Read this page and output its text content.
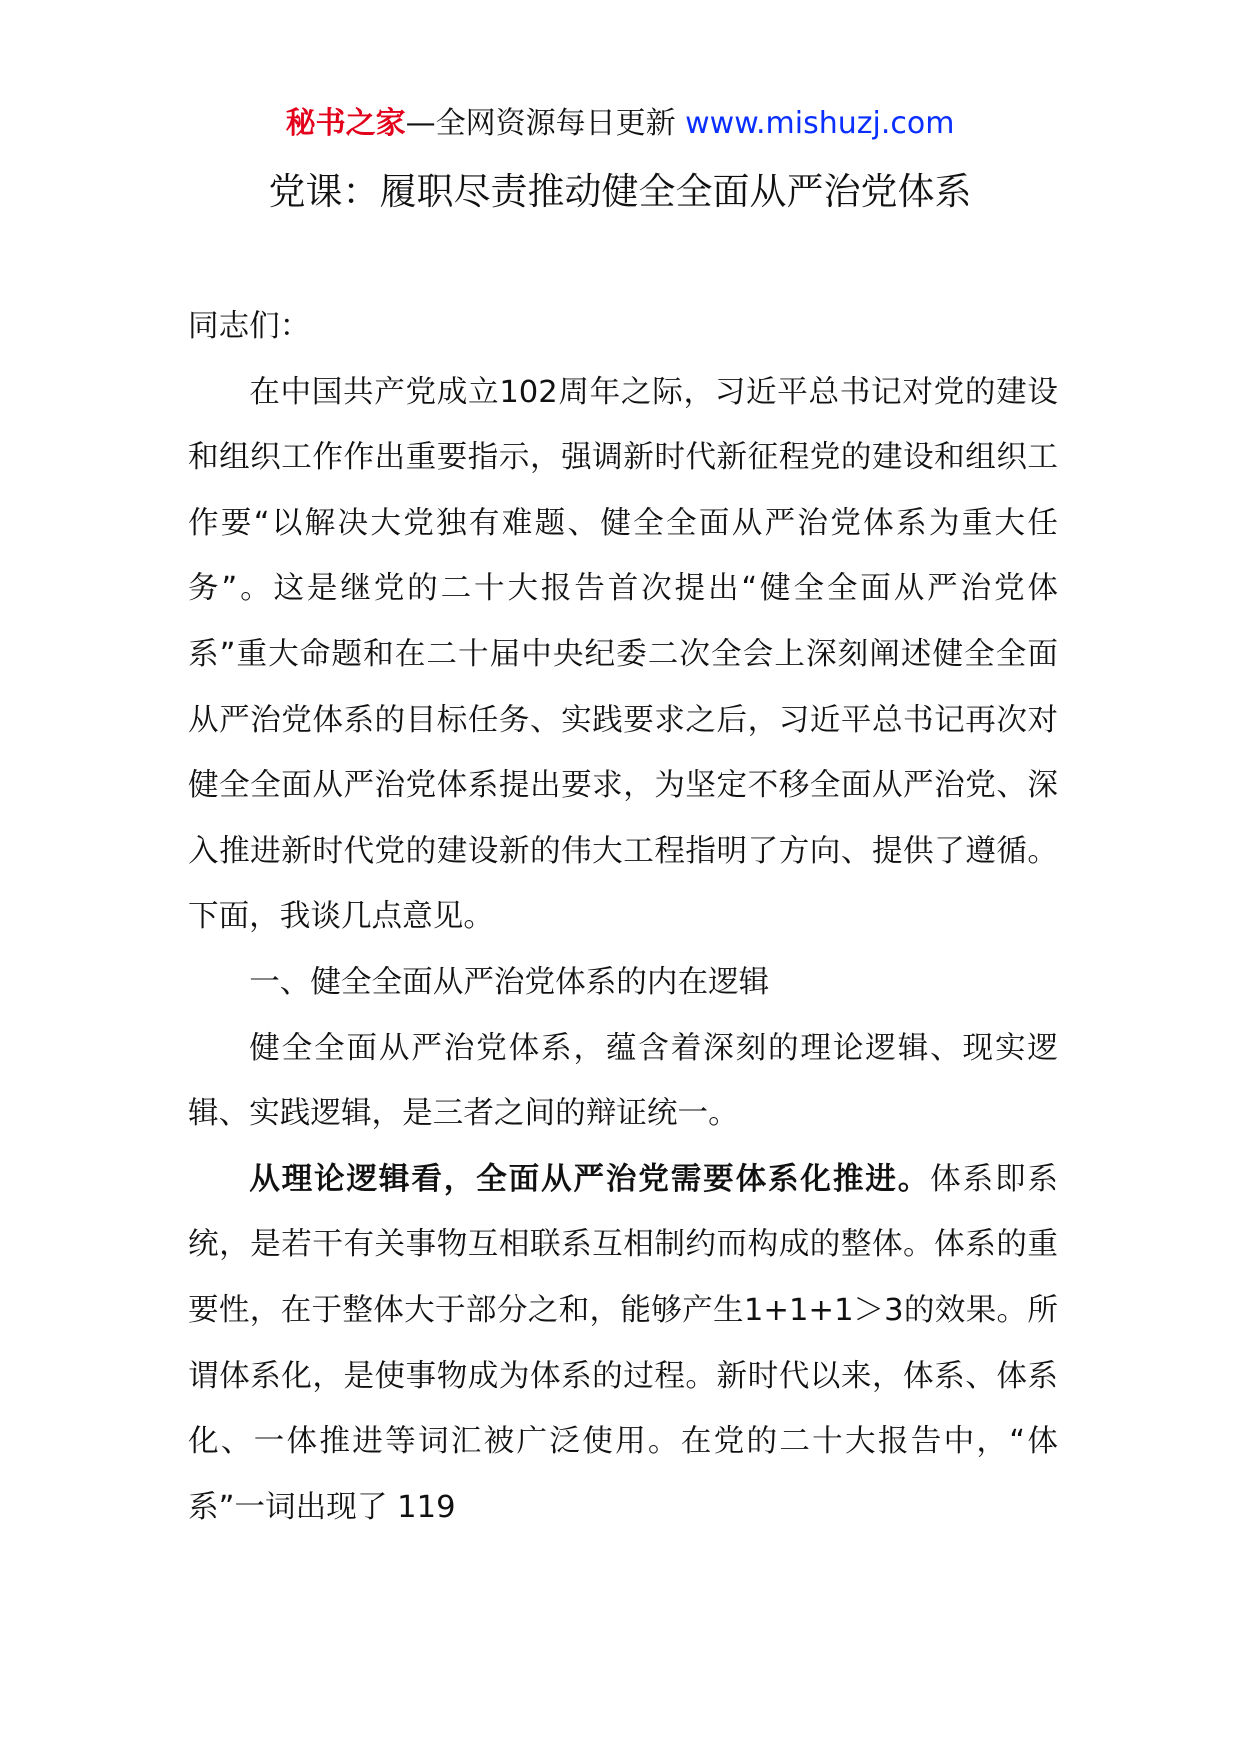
秘书之家—全网资源每日更新 www.mishuzj.com
党课：履职尽责推动健全全面从严治党体系

同志们：

在中国共产党成立102周年之际，习近平总书记对党的建设和组织工作作出重要指示，强调新时代新征程党的建设和组织工作要“以解决大党独有难题、健全全面从严治党体系为重大任务”。这是继党的二十大报告首次提出“健全全面从严治党体系”重大命题和在二十届中央纪委二次全会上深刻阐述健全全面从严治党体系的目标任务、实践要求之后，习近平总书记再次对健全全面从严治党体系提出要求，为坚定不移全面从严治党、深入推进新时代党的建设新的伟大工程指明了方向、提供了遵循。下面，我谈几点意见。

一、健全全面从严治党体系的内在逻辑

健全全面从严治党体系，蕴含着深刻的理论逻辑、现实逻辑、实践逻辑，是三者之间的辩证统一。

从理论逻辑看，全面从严治党需要体系化推进。体系即系统，是若干有关事物互相联系互相制约而构成的整体。体系的重要性，在于整体大于部分之和，能够产生1+1+1＞3的效果。所谓体系化，是使事物成为体系的过程。新时代以来，体系、体系化、一体推进等词汇被广泛使用。在党的二十大报告中，“体系”一词出现了 119
